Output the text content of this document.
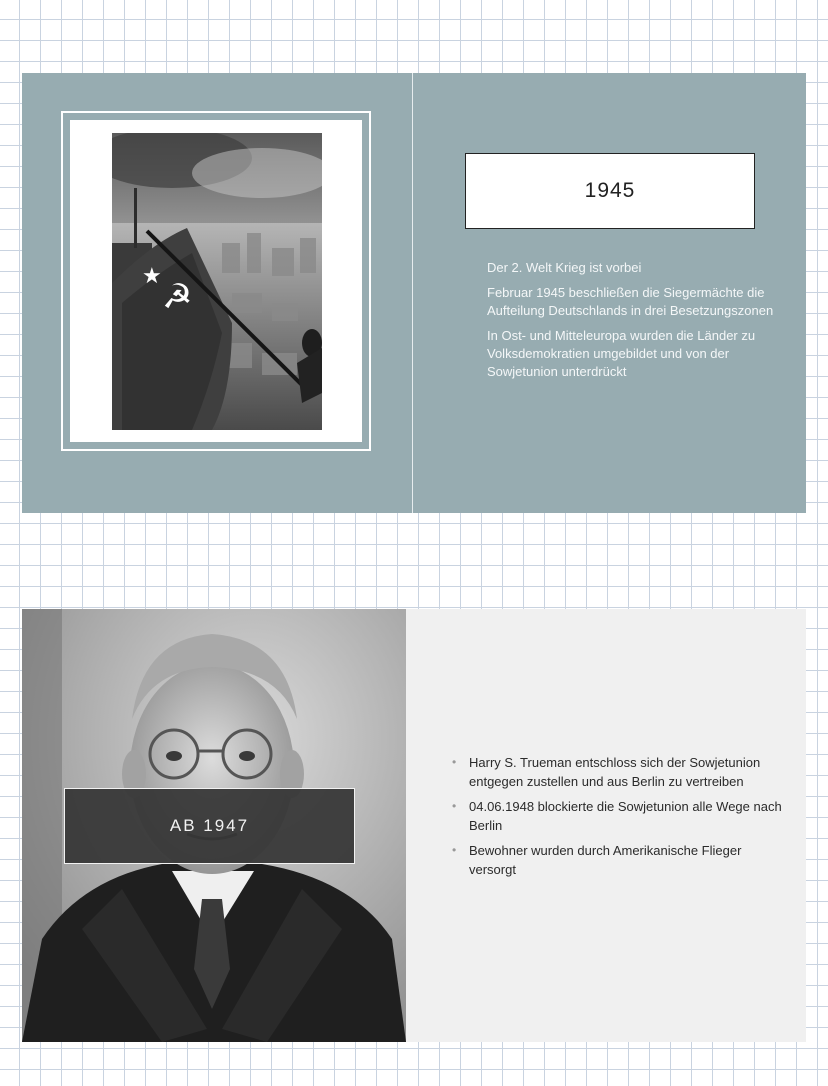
★
☭
1945

Der 2. Welt Krieg ist vorbei

Februar 1945 beschließen die Siegermächte die Aufteilung Deutschlands in drei Besetzungszonen

In Ost- und Mitteleuropa wurden die Länder zu Volksdemokratien umgebildet und von der Sowjetunion unterdrückt

AB 1947
• Harry S. Trueman entschloss sich der Sowjetunion entgegen zustellen und aus Berlin zu vertreiben
• 04.06.1948 blockierte die Sowjetunion alle Wege nach Berlin
• Bewohner wurden durch Amerikanische Flieger versorgt
